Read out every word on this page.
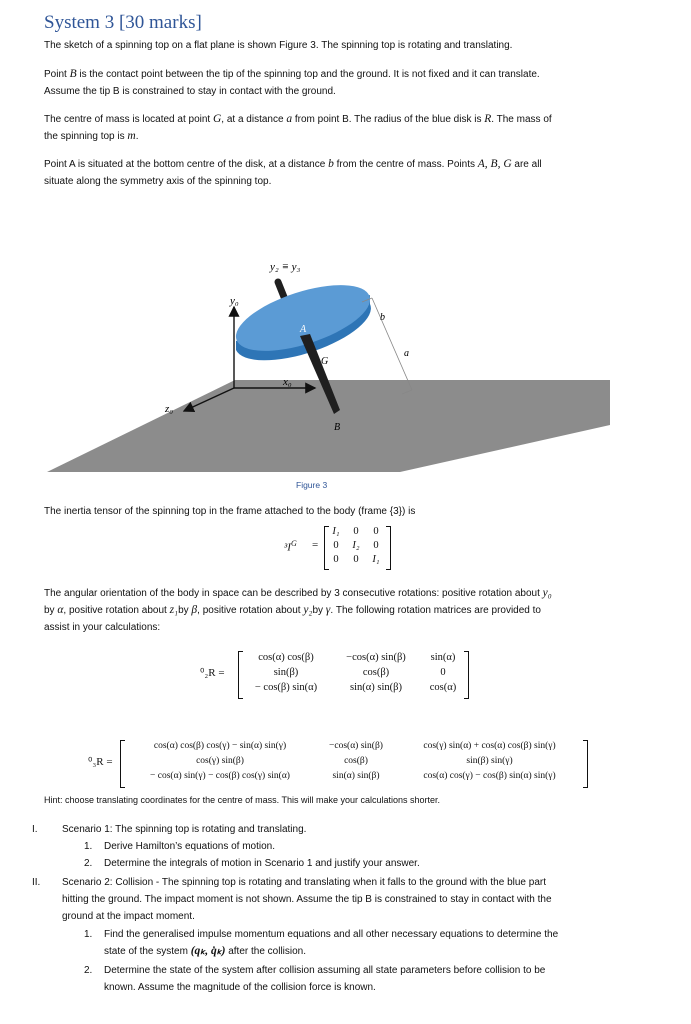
System 3 [30 marks]
The sketch of a spinning top on a flat plane is shown Figure 3. The spinning top is rotating and translating.
Point B is the contact point between the tip of the spinning top and the ground. It is not fixed and it can translate.
Assume the tip B is constrained to stay in contact with the ground.
The centre of mass is located at point G, at a distance a from point B. The radius of the blue disk is R. The mass of
the spinning top is m.
Point A is situated at the bottom centre of the disk, at a distance b from the centre of mass. Points A, B, G are all
situate along the symmetry axis of the spinning top.
y₂ ≡ y₃
y₀
x₀
z₀
A
G
B
a
b
Figure 3
The inertia tensor of the spinning top in the frame attached to the body (frame {3}) is
$^3I^G$ =
I₁	0	0
0	I₂	0
0	0	I₁
The angular orientation of the body in space can be described by 3 consecutive rotations: positive rotation about y₀
by α, positive rotation about z₁by β, positive rotation about y₂by γ. The following rotation matrices are provided to
assist in your calculations:
⁰₂R =
cos(α) cos(β)	−cos(α) sin(β)	sin(α)
sin(β)	cos(β)	0
− cos(β) sin(α)	sin(α) sin(β)	cos(α)
⁰₃R =
cos(α) cos(β) cos(γ) − sin(α) sin(γ)	−cos(α) sin(β)	cos(γ) sin(α) + cos(α) cos(β) sin(γ)
cos(γ) sin(β)	cos(β)	sin(β) sin(γ)
− cos(α) sin(γ) − cos(β) cos(γ) sin(α)	sin(α) sin(β)	cos(α) cos(γ) − cos(β) sin(α) sin(γ)
Hint: choose translating coordinates for the centre of mass. This will make your calculations shorter.
I. Scenario 1: The spinning top is rotating and translating.
1. Derive Hamilton’s equations of motion.
2. Determine the integrals of motion in Scenario 1 and justify your answer.
II. Scenario 2: Collision - The spinning top is rotating and translating when it falls to the ground with the blue part
hitting the ground. The impact moment is not shown. Assume the tip B is constrained to stay in contact with the
ground at the impact moment.
1. Find the generalised impulse momentum equations and all other necessary equations to determine the
state of the system (qₖ, q̇ₖ) after the collision.
2. Determine the state of the system after collision assuming all state parameters before collision to be
known. Assume the magnitude of the collision force is known.
